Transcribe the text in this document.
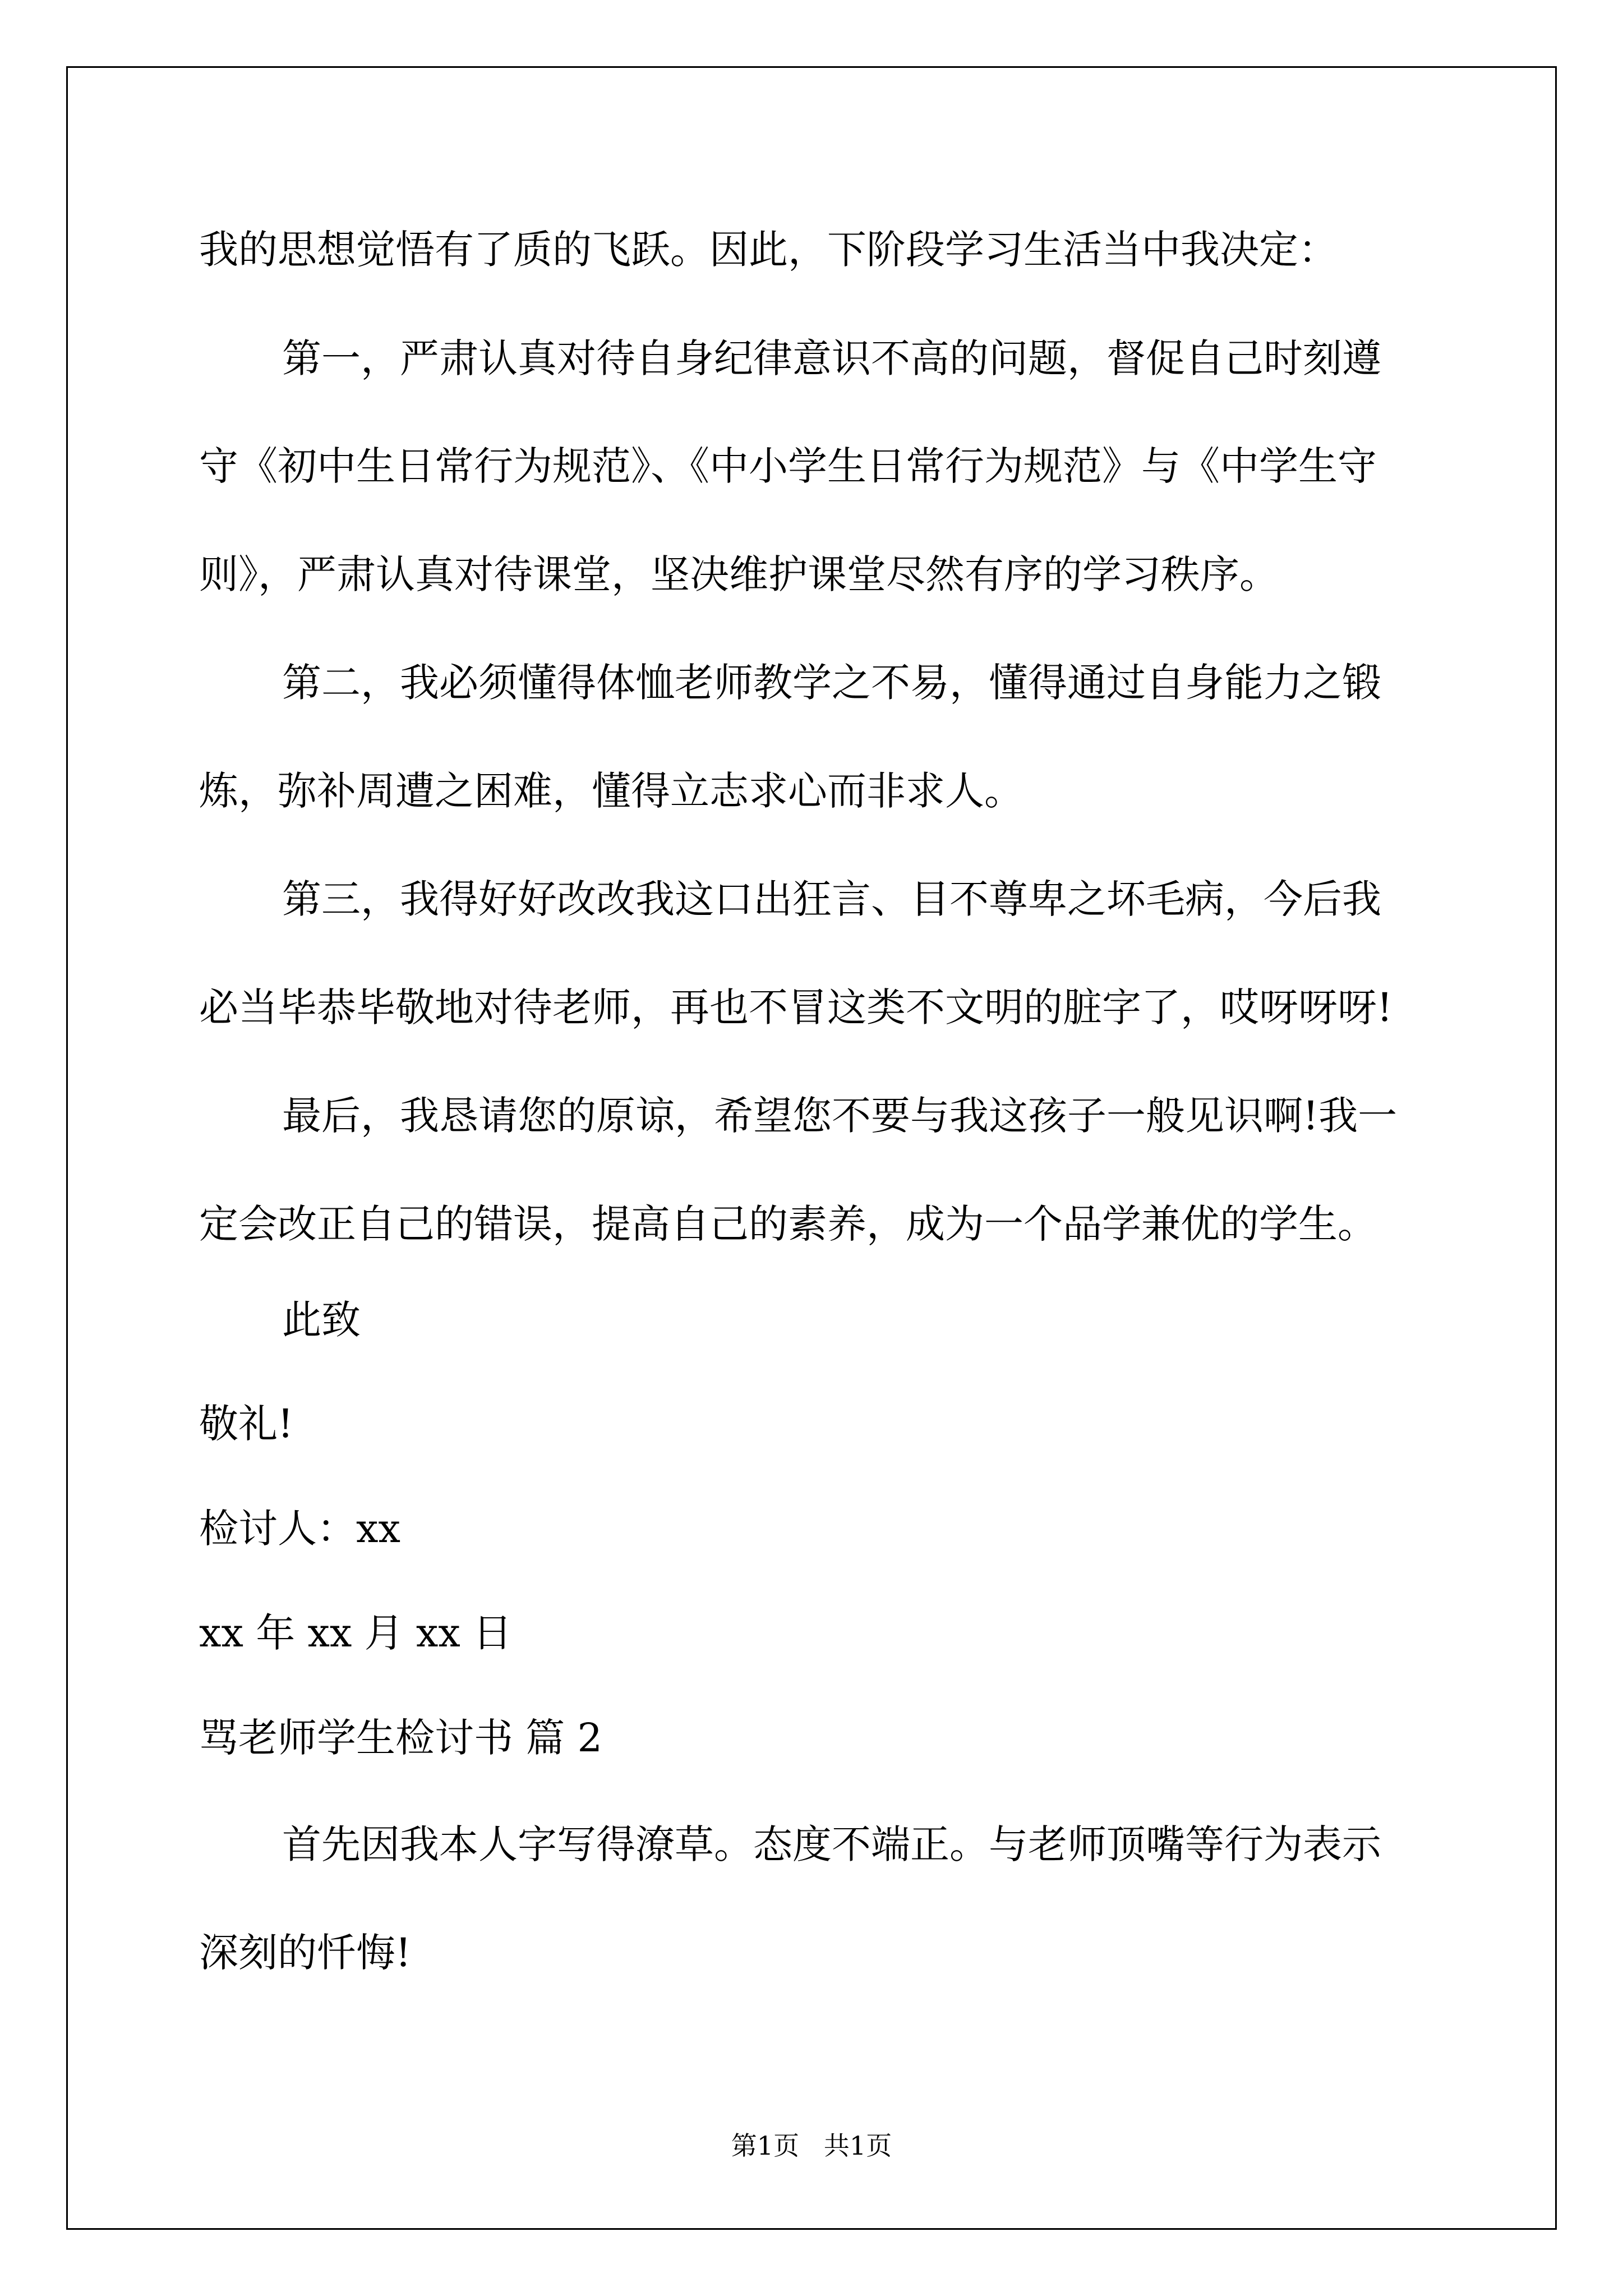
我的思想觉悟有了质的飞跃。因此，下阶段学习生活当中我决定：
第一，严肃认真对待自身纪律意识不高的问题，督促自己时刻遵
守《初中生日常行为规范》、《中小学生日常行为规范》与《中学生守
则》，严肃认真对待课堂，坚决维护课堂尽然有序的学习秩序。
第二，我必须懂得体恤老师教学之不易，懂得通过自身能力之锻
炼，弥补周遭之困难，懂得立志求心而非求人。
第三，我得好好改改我这口出狂言、目不尊卑之坏毛病，今后我
必当毕恭毕敬地对待老师，再也不冒这类不文明的脏字了，哎呀呀呀!
最后，我恳请您的原谅，希望您不要与我这孩子一般见识啊!我一
定会改正自己的错误，提高自己的素养，成为一个品学兼优的学生。
此致
敬礼!
检讨人：xx
xx 年 xx 月 xx 日
骂老师学生检讨书 篇 2
首先因我本人字写得潦草。态度不端正。与老师顶嘴等行为表示
深刻的忏悔!
第1页   共1页
